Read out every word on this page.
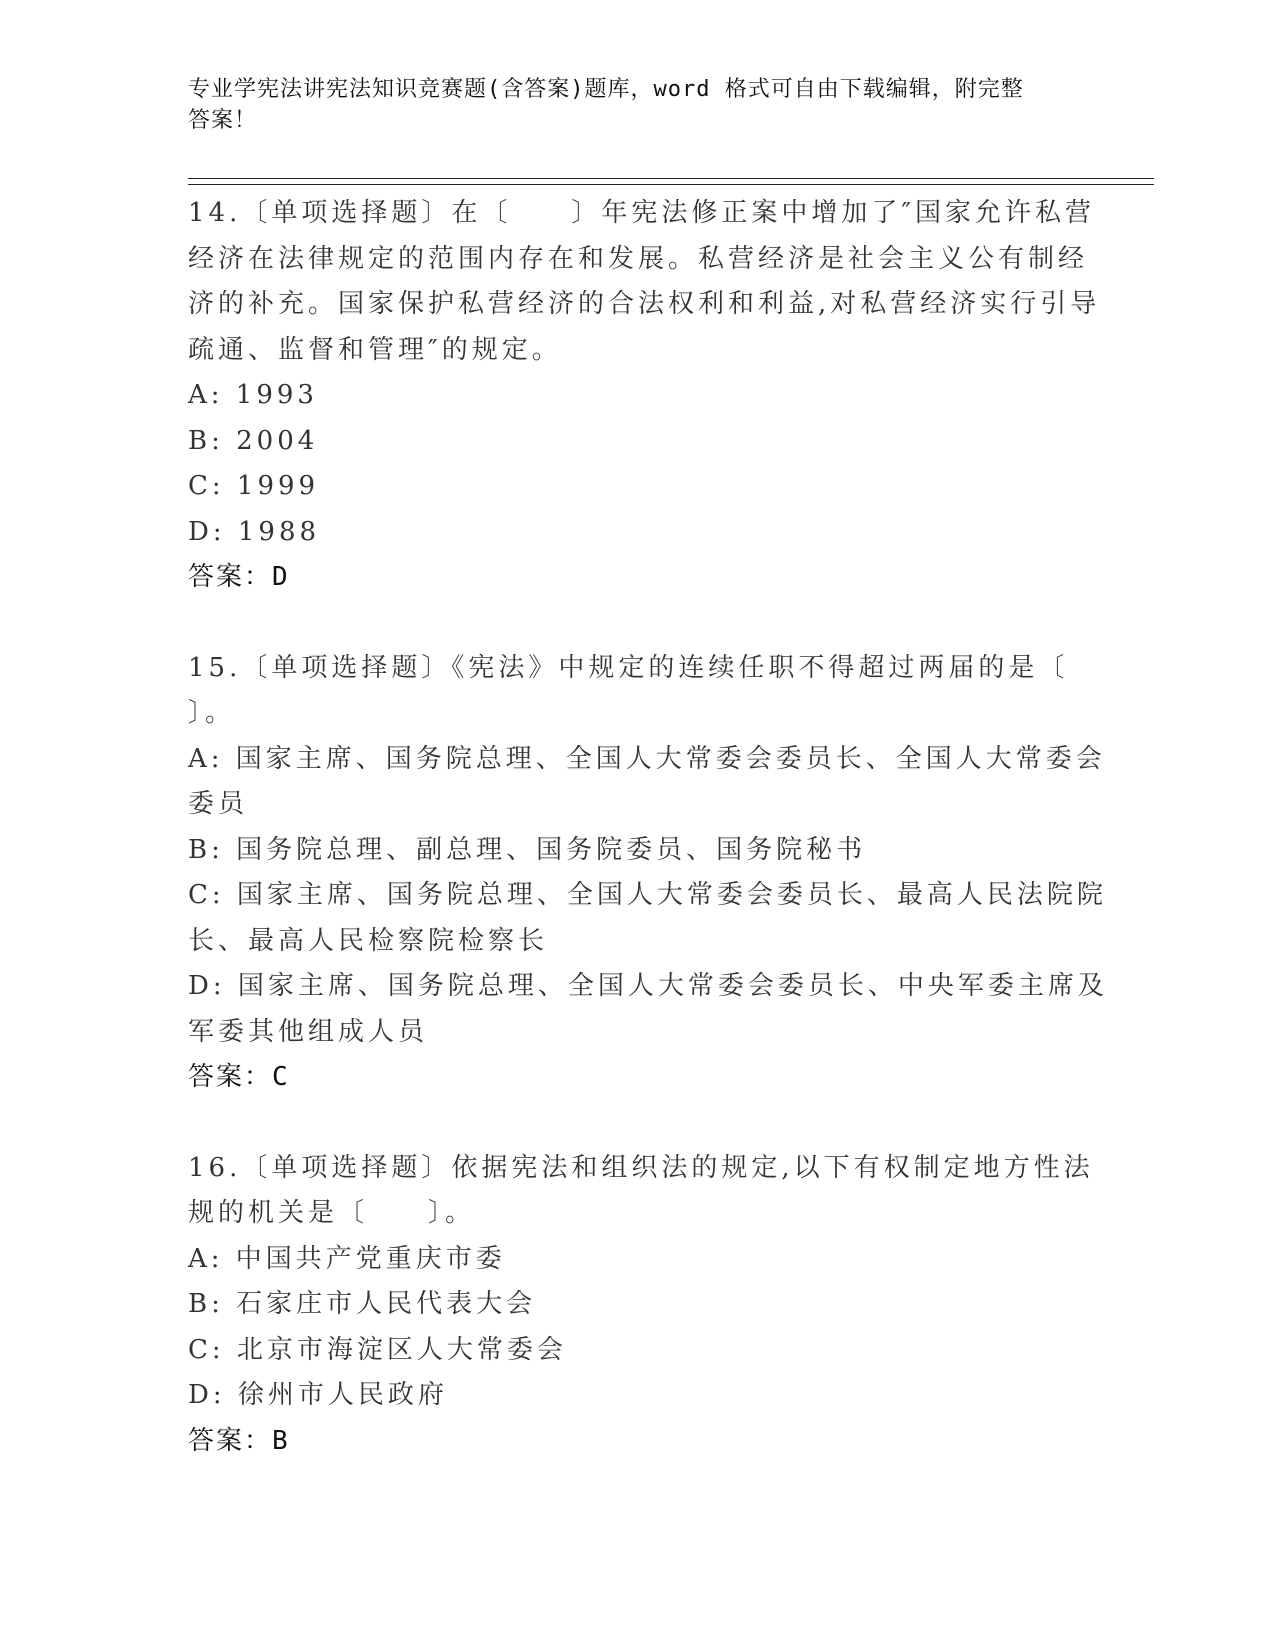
专业学宪法讲宪法知识竞赛题(含答案)题库，word 格式可自由下载编辑，附完整
答案！
14.〔单项选择题〕在〔　　〕年宪法修正案中增加了″国家允许私营
经济在法律规定的范围内存在和发展。私营经济是社会主义公有制经
济的补充。国家保护私营经济的合法权利和利益,对私营经济实行引导
疏通、监督和管理″的规定。
A: 1993
B: 2004
C: 1999
D: 1988
答案：D
15.〔单项选择题〕《宪法》中规定的连续任职不得超过两届的是〔
〕。
A: 国家主席、国务院总理、全国人大常委会委员长、全国人大常委会
委员
B: 国务院总理、副总理、国务院委员、国务院秘书
C: 国家主席、国务院总理、全国人大常委会委员长、最高人民法院院
长、最高人民检察院检察长
D: 国家主席、国务院总理、全国人大常委会委员长、中央军委主席及
军委其他组成人员
答案：C
16.〔单项选择题〕依据宪法和组织法的规定,以下有权制定地方性法
规的机关是〔　　〕。
A: 中国共产党重庆市委
B: 石家庄市人民代表大会
C: 北京市海淀区人大常委会
D: 徐州市人民政府
答案：B
